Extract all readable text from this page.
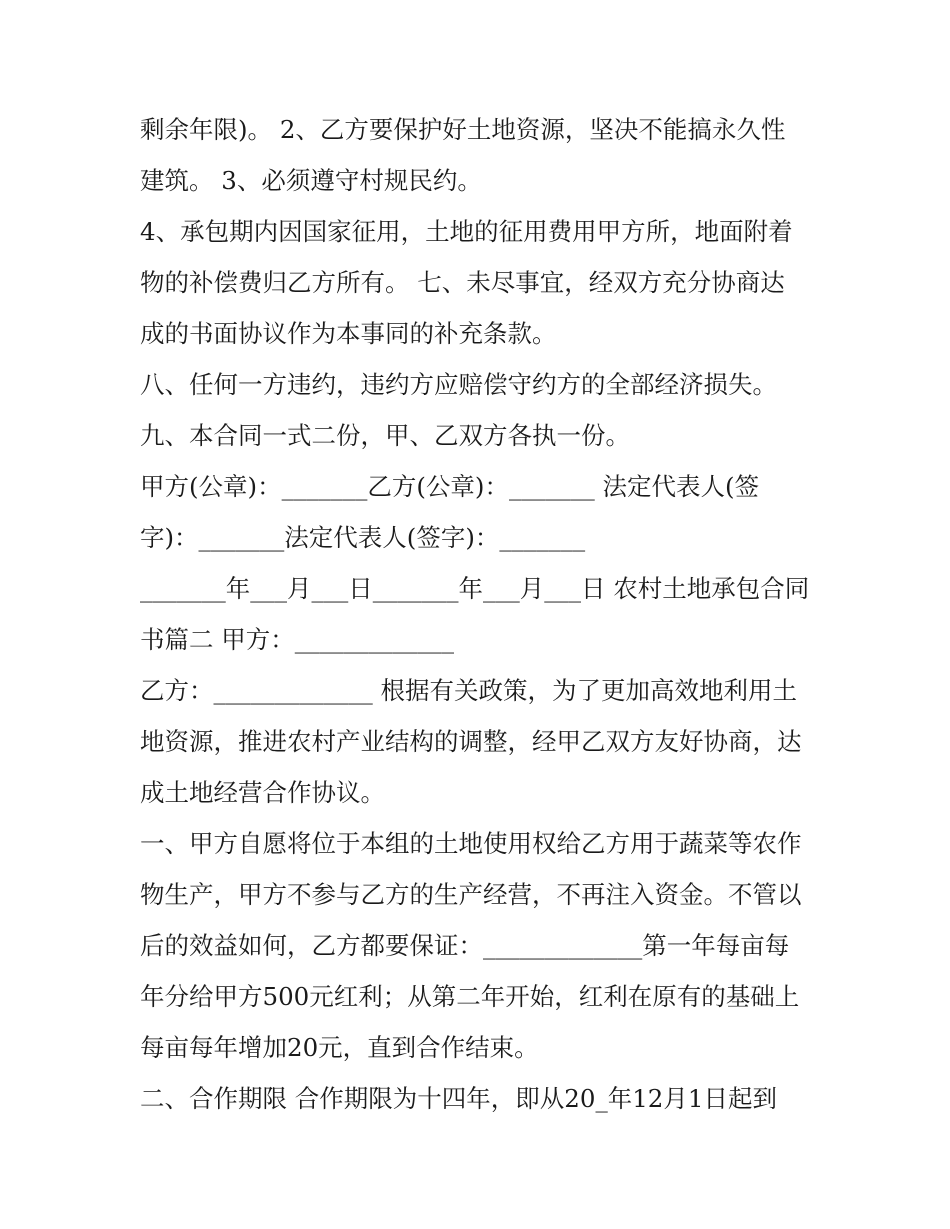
剩余年限)。 2、乙方要保护好土地资源，坚决不能搞永久性
建筑。 3、必须遵守村规民约。
4、承包期内因国家征用，土地的征用费用甲方所，地面附着
物的补偿费归乙方所有。 七、未尽事宜，经双方充分协商达
成的书面协议作为本事同的补充条款。
八、任何一方违约，违约方应赔偿守约方的全部经济损失。
九、本合同一式二份，甲、乙双方各执一份。
甲方(公章)：_______乙方(公章)：_______ 法定代表人(签
字)：_______法定代表人(签字)：_______
_______年___月___日_______年___月___日 农村土地承包合同
书篇二 甲方：_____________
乙方：_____________ 根据有关政策，为了更加高效地利用土
地资源，推进农村产业结构的调整，经甲乙双方友好协商，达
成土地经营合作协议。
一、甲方自愿将位于本组的土地使用权给乙方用于蔬菜等农作
物生产，甲方不参与乙方的生产经营，不再注入资金。不管以
后的效益如何，乙方都要保证：_____________第一年每亩每
年分给甲方500元红利；从第二年开始，红利在原有的基础上
每亩每年增加20元，直到合作结束。
二、合作期限 合作期限为十四年，即从20_年12月1日起到
